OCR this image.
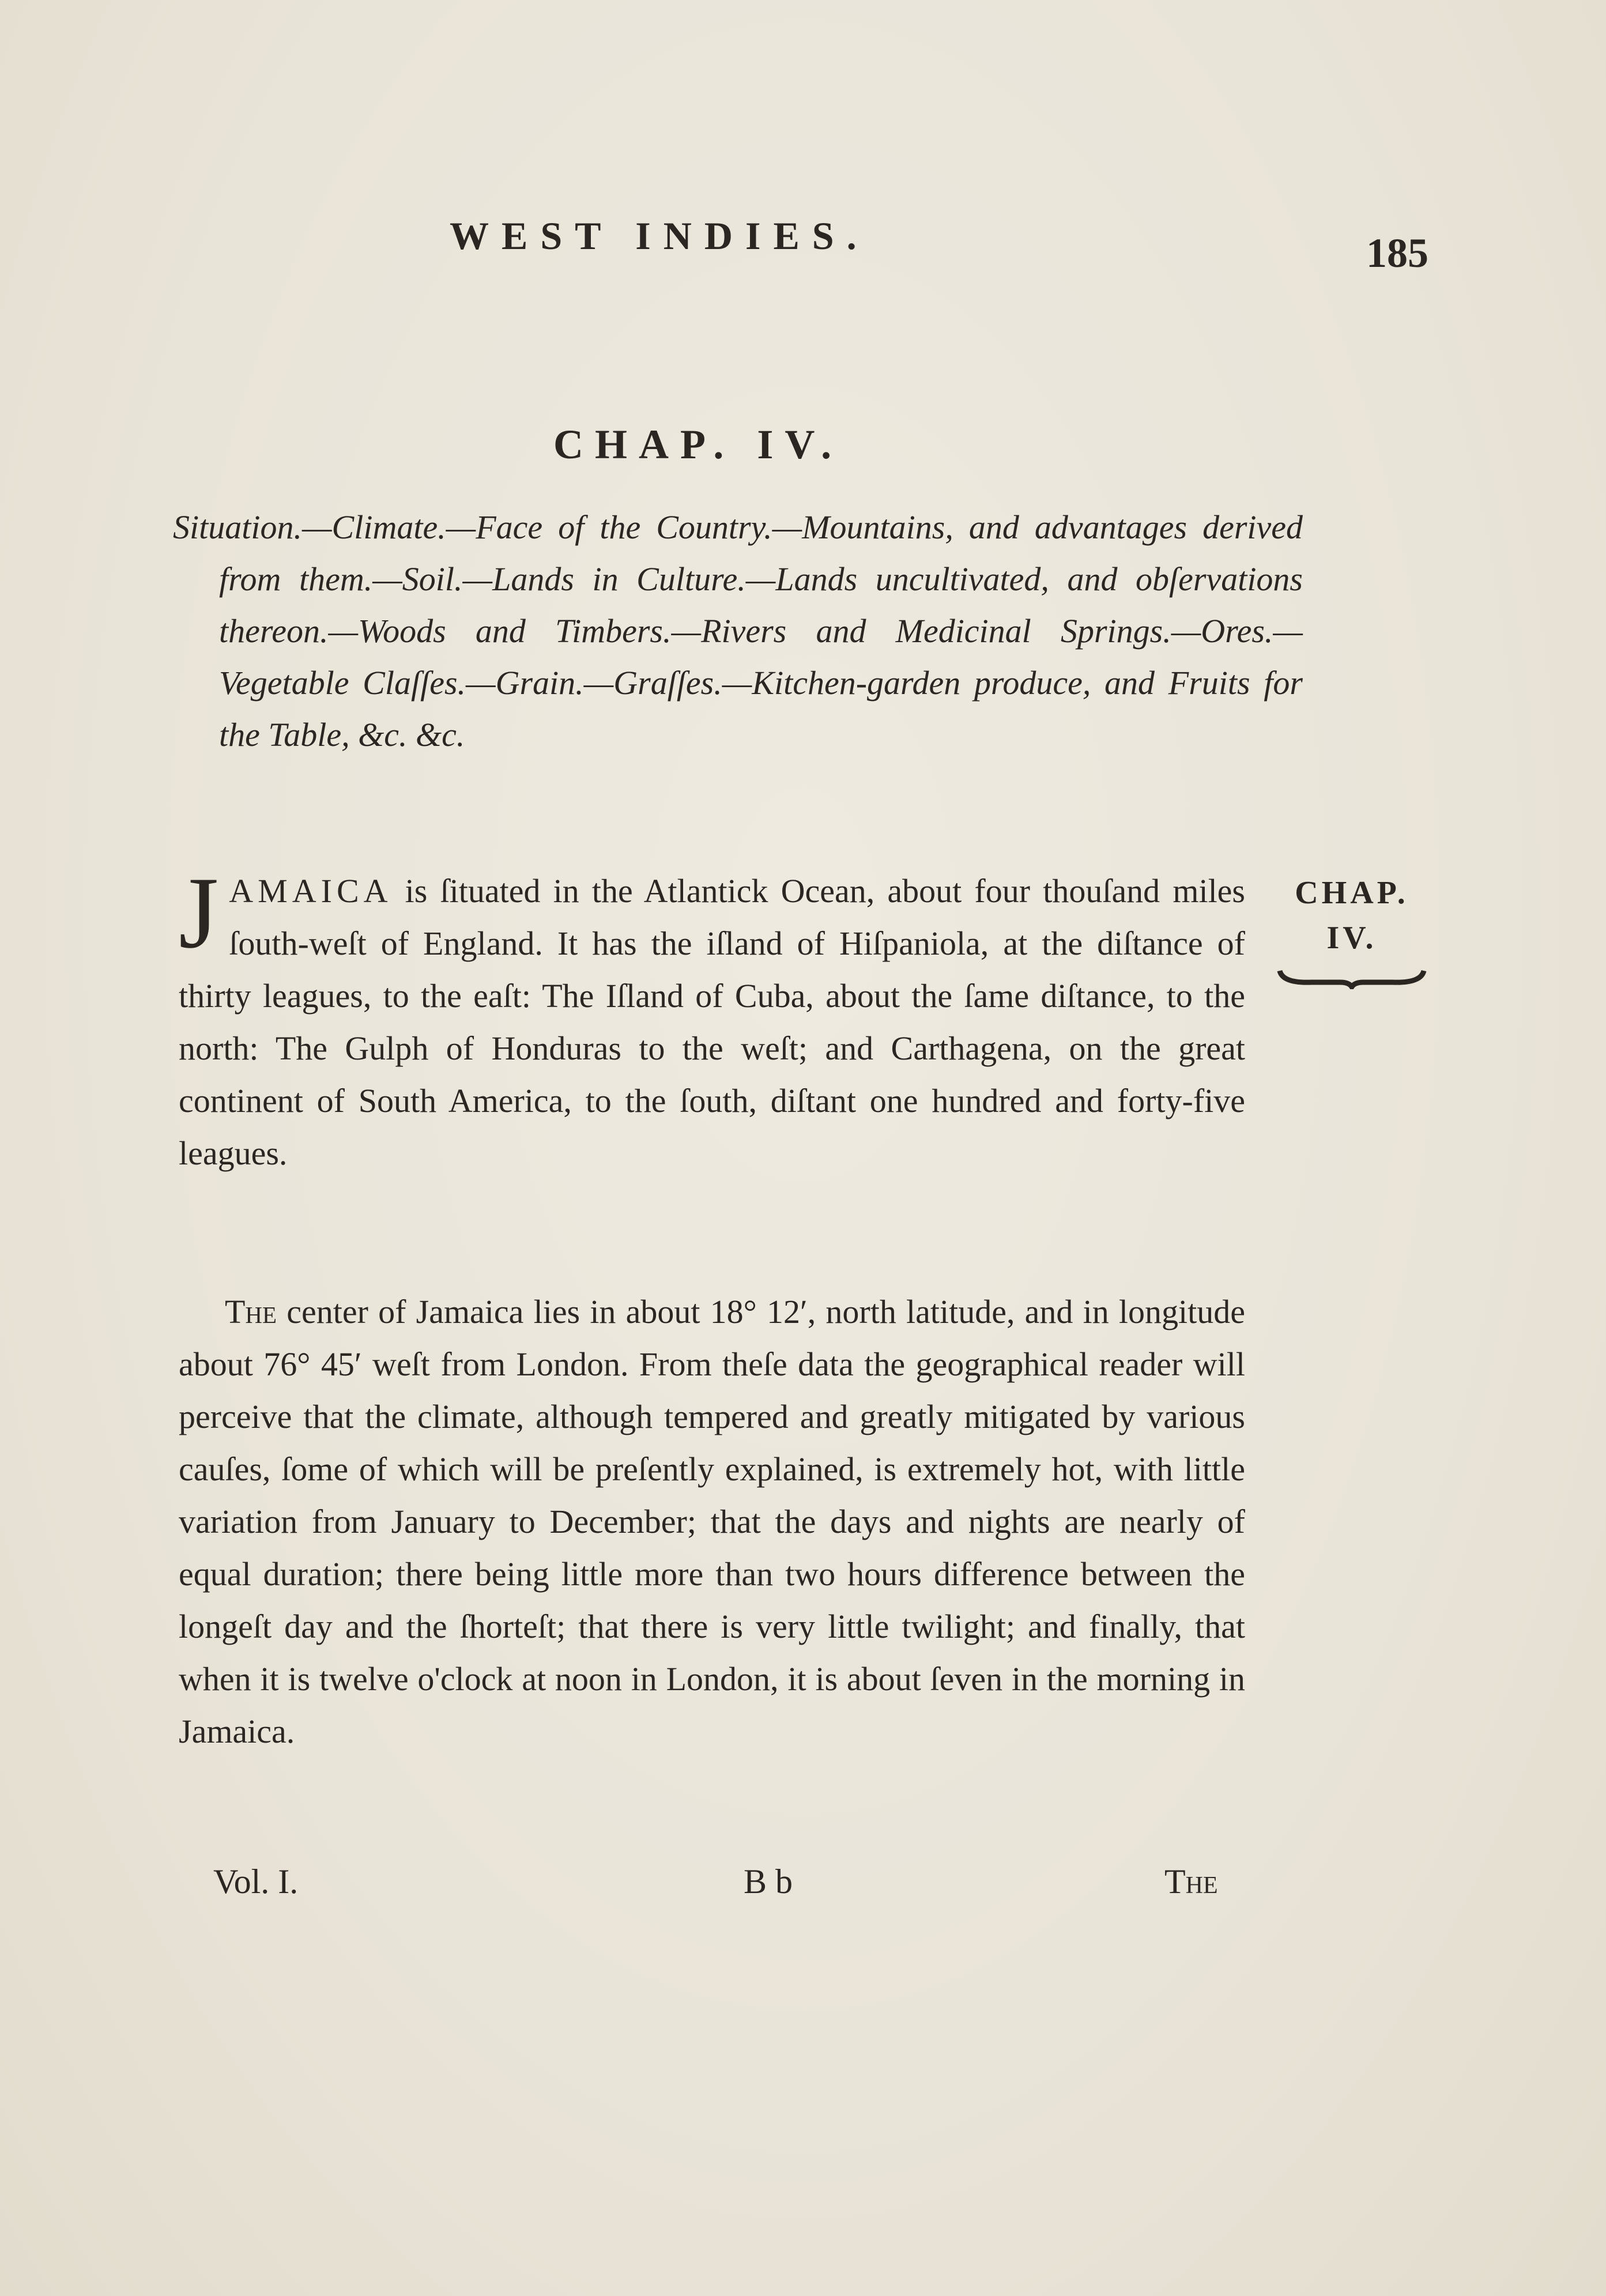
WEST INDIES.	185
CHAP. IV.
Situation.—Climate.—Face of the Country.—Mountains, and advantages derived from them.—Soil.—Lands in Culture.—Lands uncultivated, and obſervations thereon.—Woods and Timbers.—Rivers and Medicinal Springs.—Ores.—Vegetable Claſſes.—Grain.—Graſſes.—Kitchen-garden produce, and Fruits for the Table, &c. &c.
JAMAICA is ſituated in the Atlantick Ocean, about four thouſand miles ſouth-weſt of England. It has the iſland of Hiſpaniola, at the diſtance of thirty leagues, to the eaſt: The Iſland of Cuba, about the ſame diſtance, to the north: The Gulph of Honduras to the weſt; and Carthagena, on the great continent of South America, to the ſouth, diſtant one hundred and forty-five leagues.
CHAP.
IV.
The center of Jamaica lies in about 18° 12′, north latitude, and in longitude about 76° 45′ weſt from London. From theſe data the geographical reader will perceive that the climate, although tempered and greatly mitigated by various cauſes, ſome of which will be preſently explained, is extremely hot, with little variation from January to December; that the days and nights are nearly of equal duration; there being little more than two hours difference between the longeſt day and the ſhorteſt; that there is very little twilight; and finally, that when it is twelve o'clock at noon in London, it is about ſeven in the morning in Jamaica.
Vol. I.	B b	The
